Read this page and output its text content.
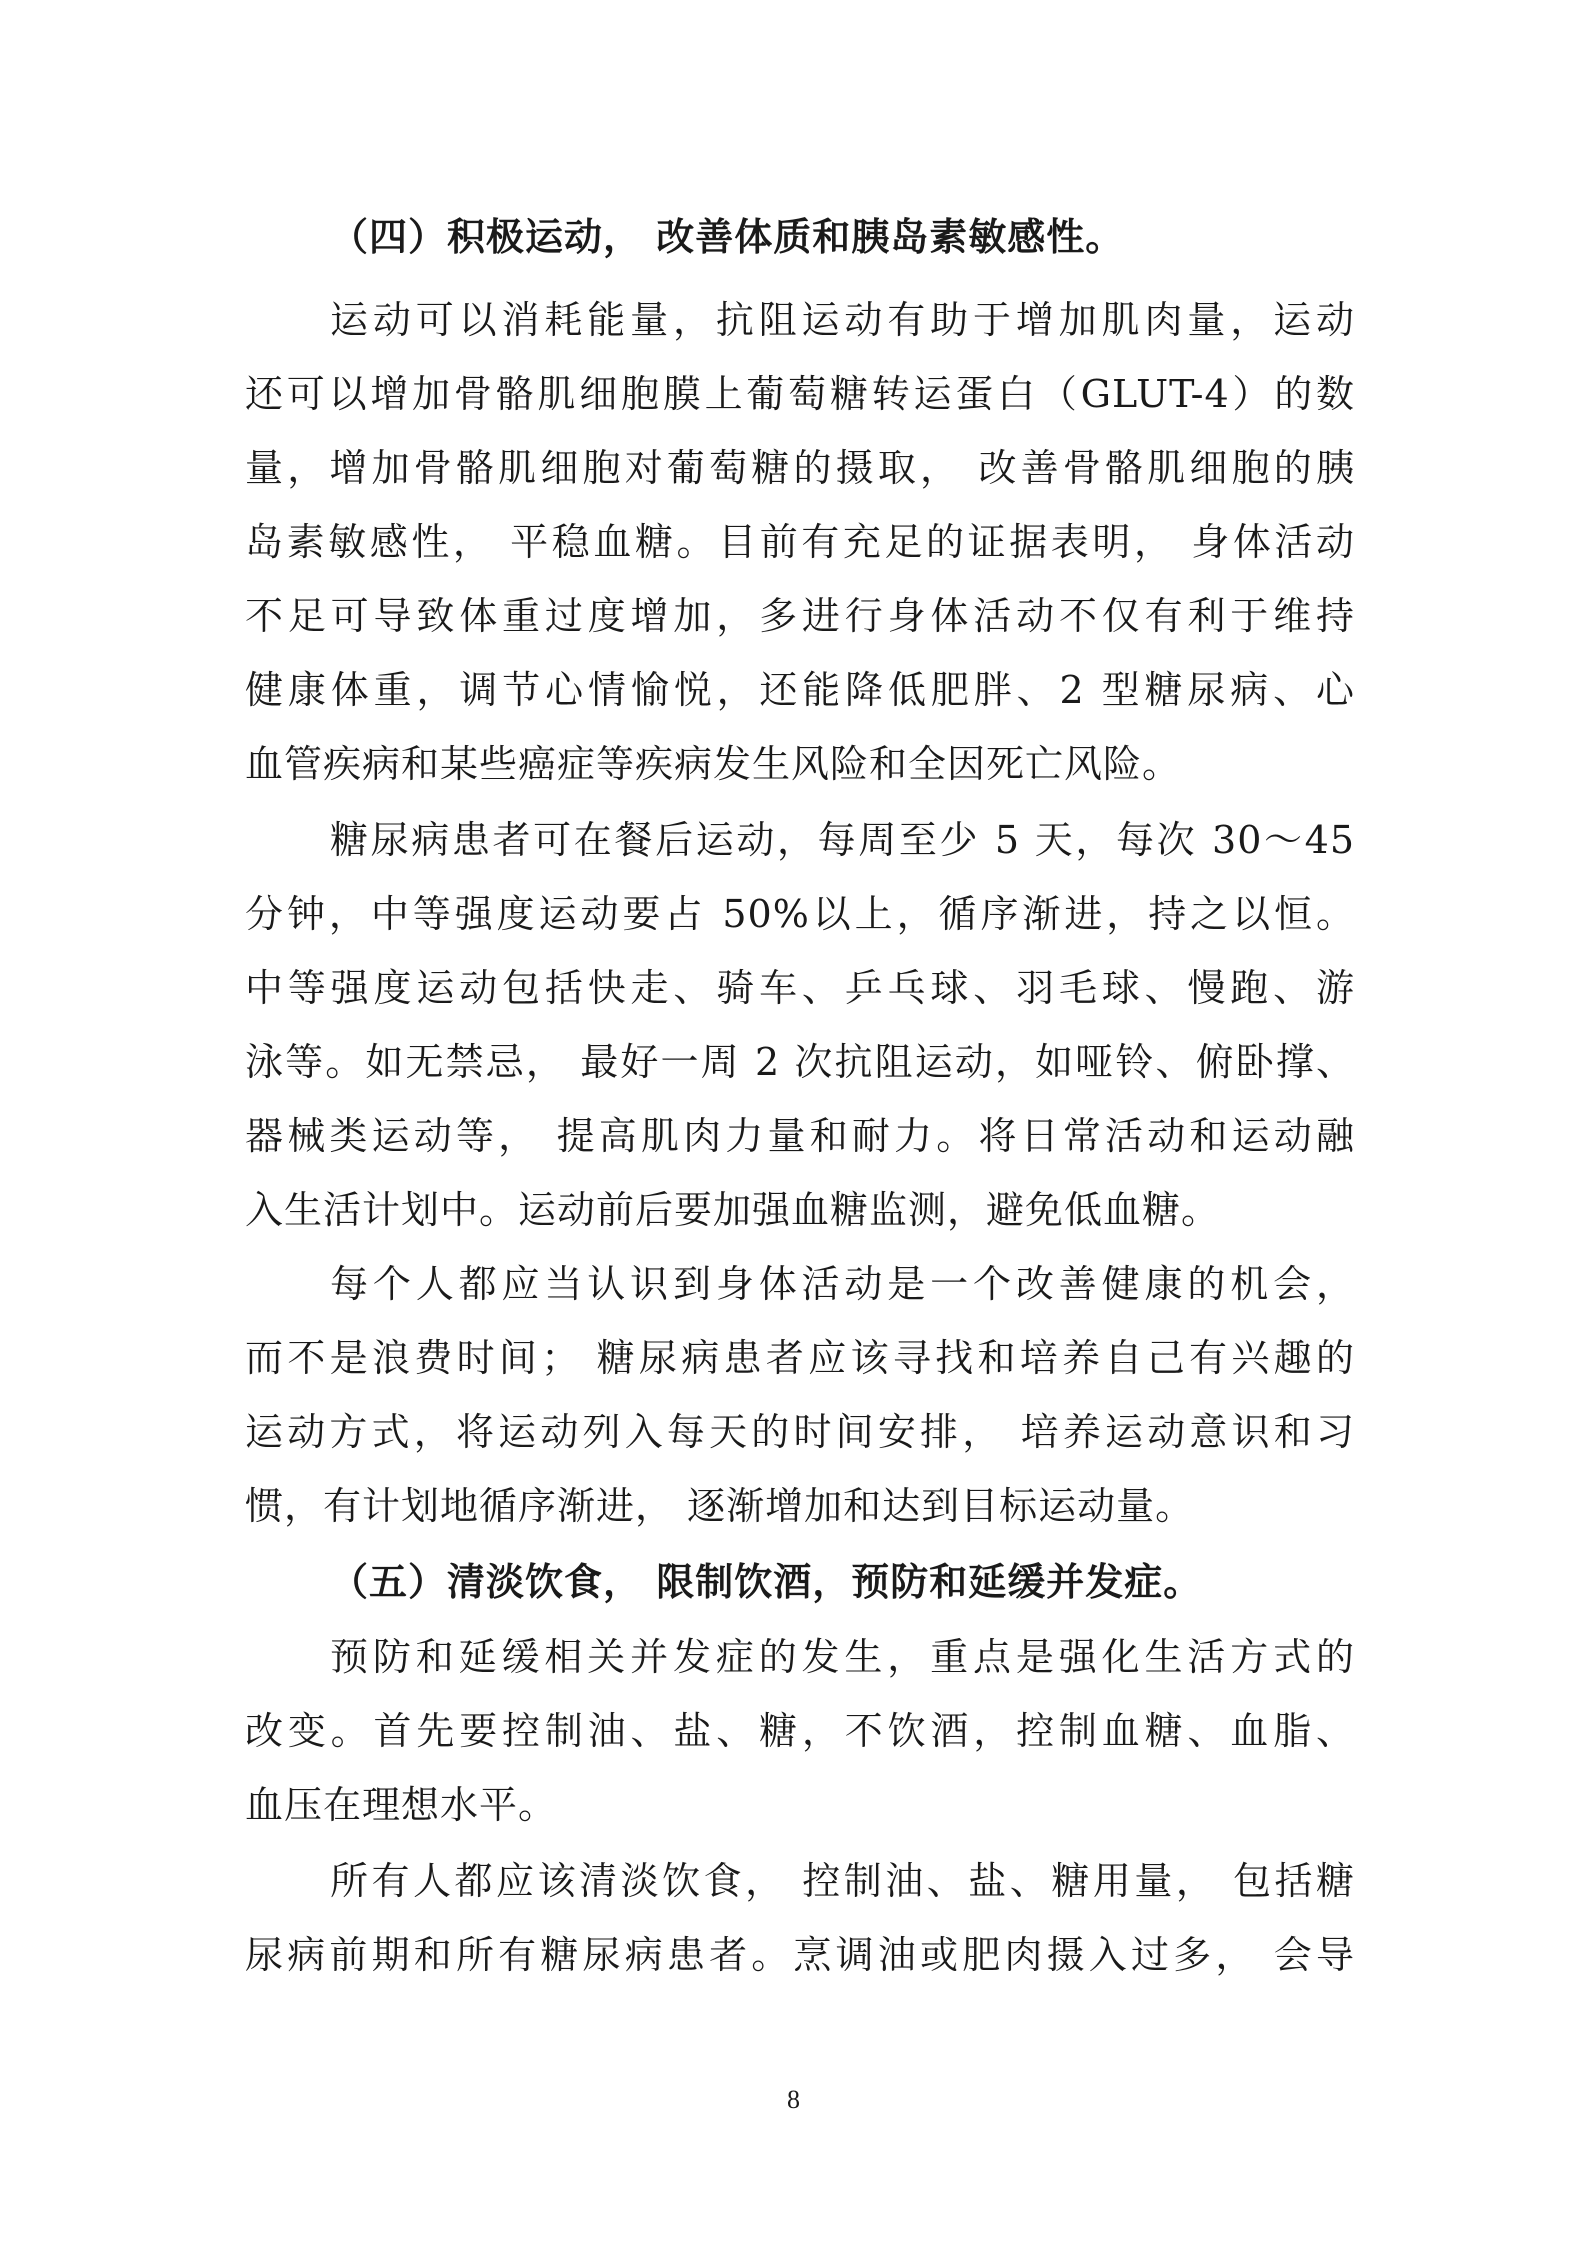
（四）积极运动， 改善体质和胰岛素敏感性。
运动可以消耗能量，抗阻运动有助于增加肌肉量，运动
还可以增加骨骼肌细胞膜上葡萄糖转运蛋白（GLUT-4）的数
量，增加骨骼肌细胞对葡萄糖的摄取， 改善骨骼肌细胞的胰
岛素敏感性， 平稳血糖。目前有充足的证据表明， 身体活动
不足可导致体重过度增加，多进行身体活动不仅有利于维持
健康体重，调节心情愉悦，还能降低肥胖、2 型糖尿病、心
血管疾病和某些癌症等疾病发生风险和全因死亡风险。
糖尿病患者可在餐后运动，每周至少 5 天，每次 30～45
分钟，中等强度运动要占 50%以上，循序渐进，持之以恒。
中等强度运动包括快走、骑车、乒乓球、羽毛球、慢跑、游
泳等。如无禁忌， 最好一周 2 次抗阻运动，如哑铃、俯卧撑、
器械类运动等， 提高肌肉力量和耐力。将日常活动和运动融
入生活计划中。运动前后要加强血糖监测，避免低血糖。
每个人都应当认识到身体活动是一个改善健康的机会，
而不是浪费时间； 糖尿病患者应该寻找和培养自己有兴趣的
运动方式，将运动列入每天的时间安排， 培养运动意识和习
惯，有计划地循序渐进， 逐渐增加和达到目标运动量。
（五）清淡饮食， 限制饮酒，预防和延缓并发症。
预防和延缓相关并发症的发生，重点是强化生活方式的
改变。首先要控制油、盐、糖，不饮酒，控制血糖、血脂、
血压在理想水平。
所有人都应该清淡饮食， 控制油、盐、糖用量， 包括糖
尿病前期和所有糖尿病患者。烹调油或肥肉摄入过多， 会导
8
